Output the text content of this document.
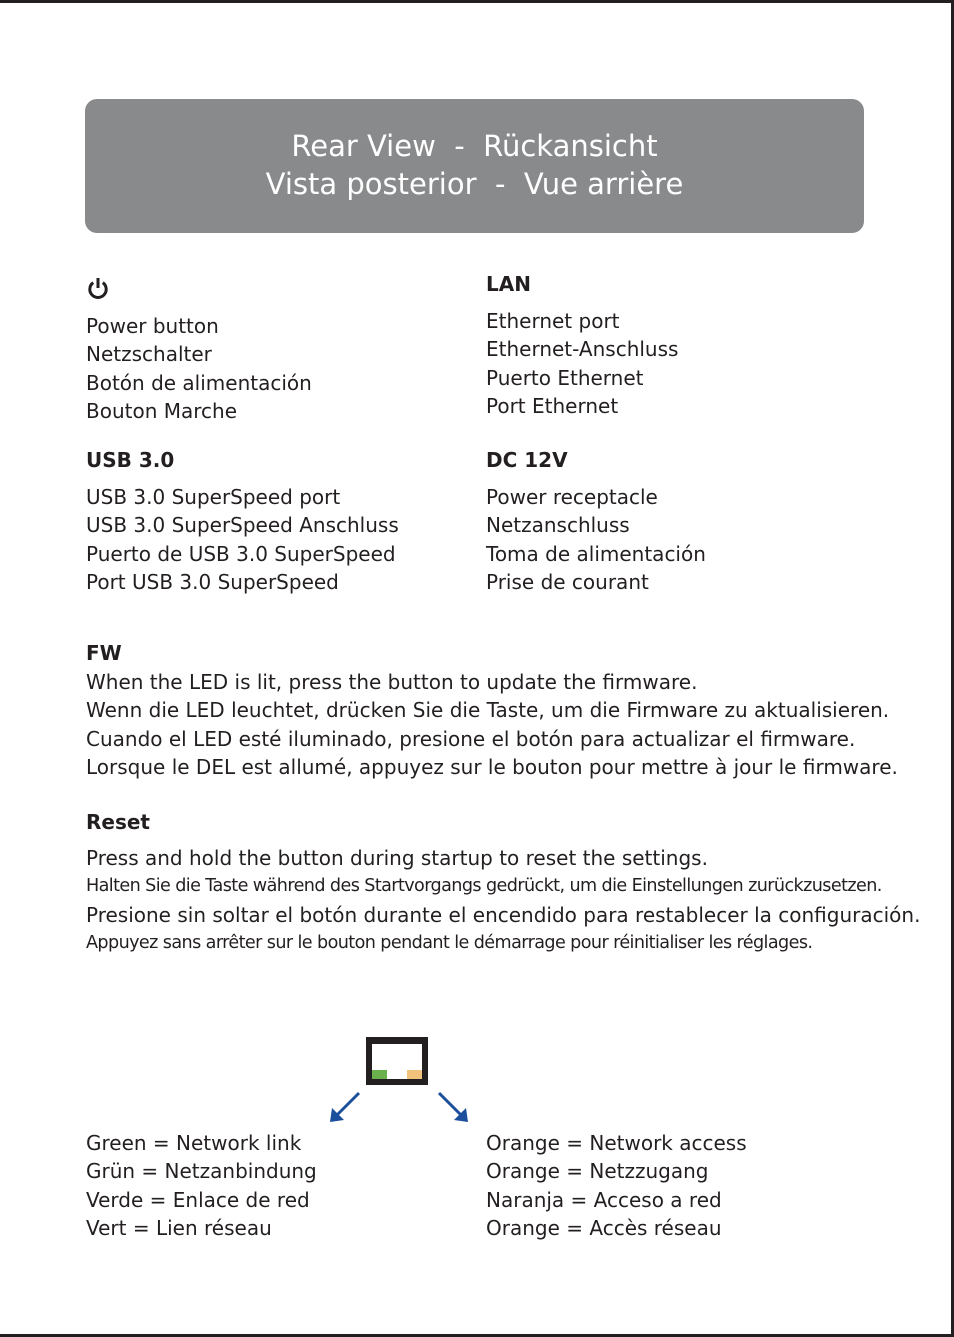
Rear View  -  Rückansicht
Vista posterior  -  Vue arrière
Power button
Netzschalter
Botón de alimentación
Bouton Marche
LAN
Ethernet port
Ethernet-Anschluss
Puerto Ethernet
Port Ethernet
USB 3.0
USB 3.0 SuperSpeed port
USB 3.0 SuperSpeed Anschluss
Puerto de USB 3.0 SuperSpeed
Port USB 3.0 SuperSpeed
DC 12V
Power receptacle
Netzanschluss
Toma de alimentación
Prise de courant
FW
When the LED is lit, press the button to update the firmware.
Wenn die LED leuchtet, drücken Sie die Taste, um die Firmware zu aktualisieren.
Cuando el LED esté iluminado, presione el botón para actualizar el firmware.
Lorsque le DEL est allumé, appuyez sur le bouton pour mettre à jour le firmware.
Reset
Press and hold the button during startup to reset the settings.
Halten Sie die Taste während des Startvorgangs gedrückt, um die Einstellungen zurückzusetzen.
Presione sin soltar el botón durante el encendido para restablecer la configuración.
Appuyez sans arrêter sur le bouton pendant le démarrage pour réinitialiser les réglages.
Green = Network link
Grün = Netzanbindung
Verde = Enlace de red
Vert = Lien réseau
Orange = Network access
Orange = Netzzugang
Naranja = Acceso a red
Orange = Accès réseau
